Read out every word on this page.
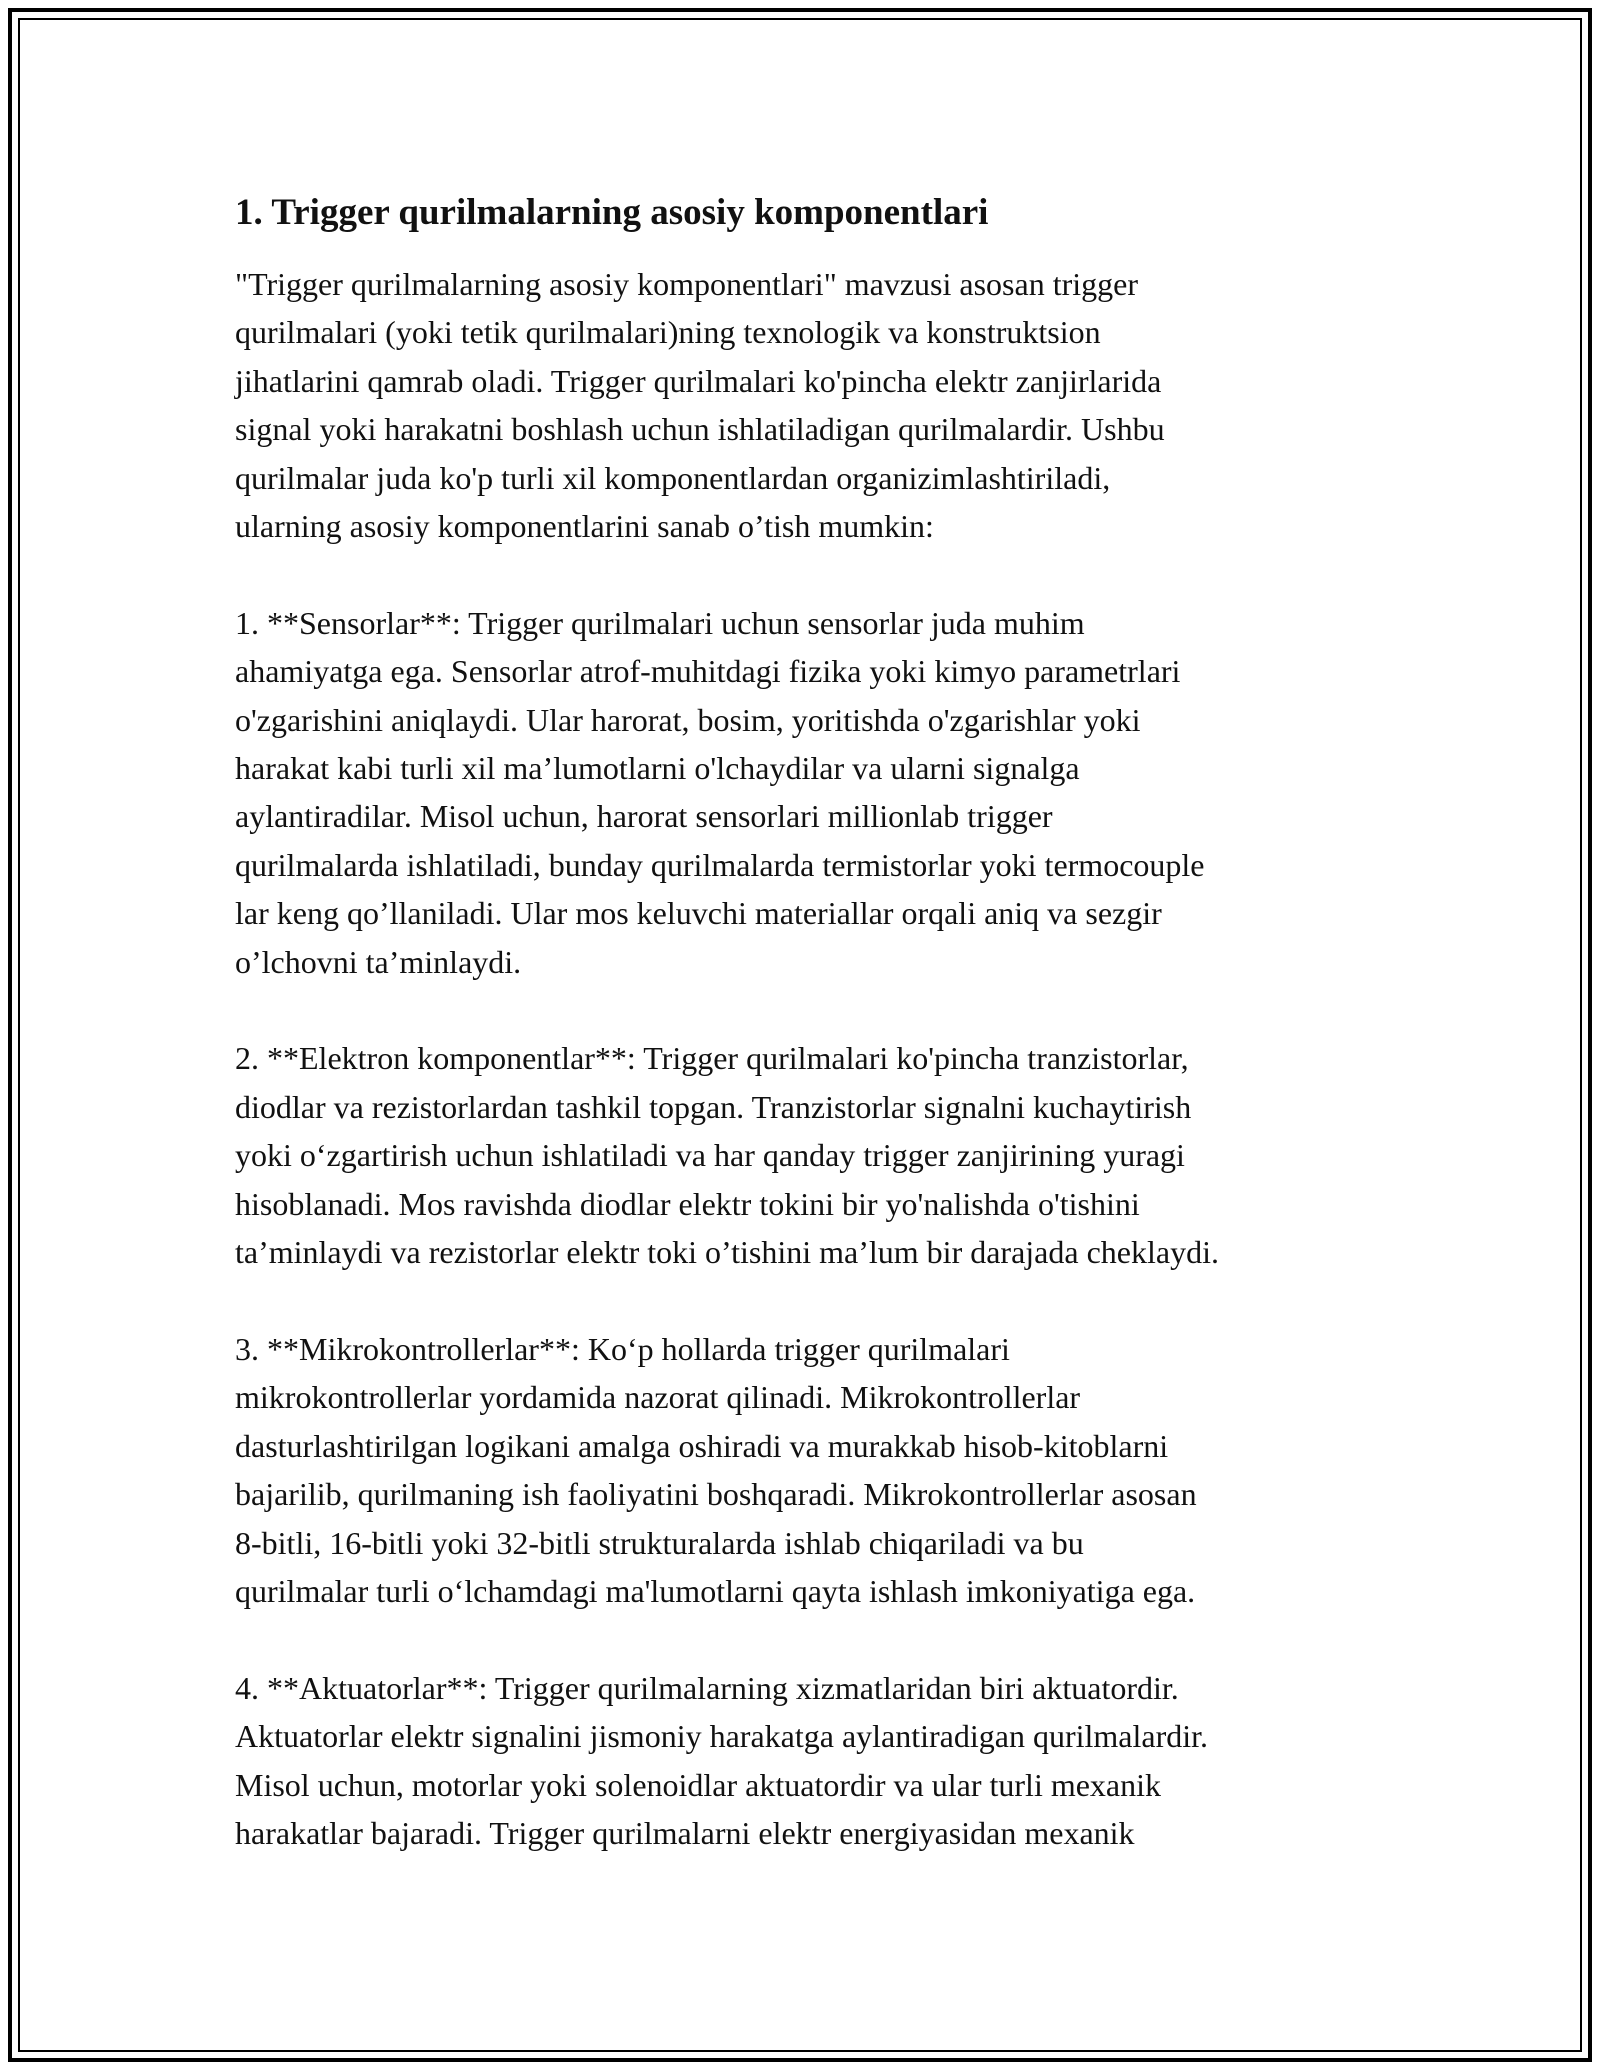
1. Trigger qurilmalarning asosiy komponentlari
"Trigger qurilmalarning asosiy komponentlari" mavzusi asosan trigger
qurilmalari (yoki tetik qurilmalari)ning texnologik va konstruktsion
jihatlarini qamrab oladi. Trigger qurilmalari ko'pincha elektr zanjirlarida
signal yoki harakatni boshlash uchun ishlatiladigan qurilmalardir. Ushbu
qurilmalar juda ko'p turli xil komponentlardan organizimlashtiriladi,
ularning asosiy komponentlarini sanab o’tish mumkin:
1. **Sensorlar**: Trigger qurilmalari uchun sensorlar juda muhim
ahamiyatga ega. Sensorlar atrof-muhitdagi fizika yoki kimyo parametrlari
o'zgarishini aniqlaydi. Ular harorat, bosim, yoritishda o'zgarishlar yoki
harakat kabi turli xil ma’lumotlarni o'lchaydilar va ularni signalga
aylantiradilar. Misol uchun, harorat sensorlari millionlab trigger
qurilmalarda ishlatiladi, bunday qurilmalarda termistorlar yoki termocouple
lar keng qo’llaniladi. Ular mos keluvchi materiallar orqali aniq va sezgir
o’lchovni ta’minlaydi.
2. **Elektron komponentlar**: Trigger qurilmalari ko'pincha tranzistorlar,
diodlar va rezistorlardan tashkil topgan. Tranzistorlar signalni kuchaytirish
yoki o‘zgartirish uchun ishlatiladi va har qanday trigger zanjirining yuragi
hisoblanadi. Mos ravishda diodlar elektr tokini bir yo'nalishda o'tishini
ta’minlaydi va rezistorlar elektr toki o’tishini ma’lum bir darajada cheklaydi.
3. **Mikrokontrollerlar**: Ko‘p hollarda trigger qurilmalari
mikrokontrollerlar yordamida nazorat qilinadi. Mikrokontrollerlar
dasturlashtirilgan logikani amalga oshiradi va murakkab hisob-kitoblarni
bajarilib, qurilmaning ish faoliyatini boshqaradi. Mikrokontrollerlar asosan
8-bitli, 16-bitli yoki 32-bitli strukturalarda ishlab chiqariladi va bu
qurilmalar turli o‘lchamdagi ma'lumotlarni qayta ishlash imkoniyatiga ega.
4. **Aktuatorlar**: Trigger qurilmalarning xizmatlaridan biri aktuatordir.
Aktuatorlar elektr signalini jismoniy harakatga aylantiradigan qurilmalardir.
Misol uchun, motorlar yoki solenoidlar aktuatordir va ular turli mexanik
harakatlar bajaradi. Trigger qurilmalarni elektr energiyasidan mexanik
